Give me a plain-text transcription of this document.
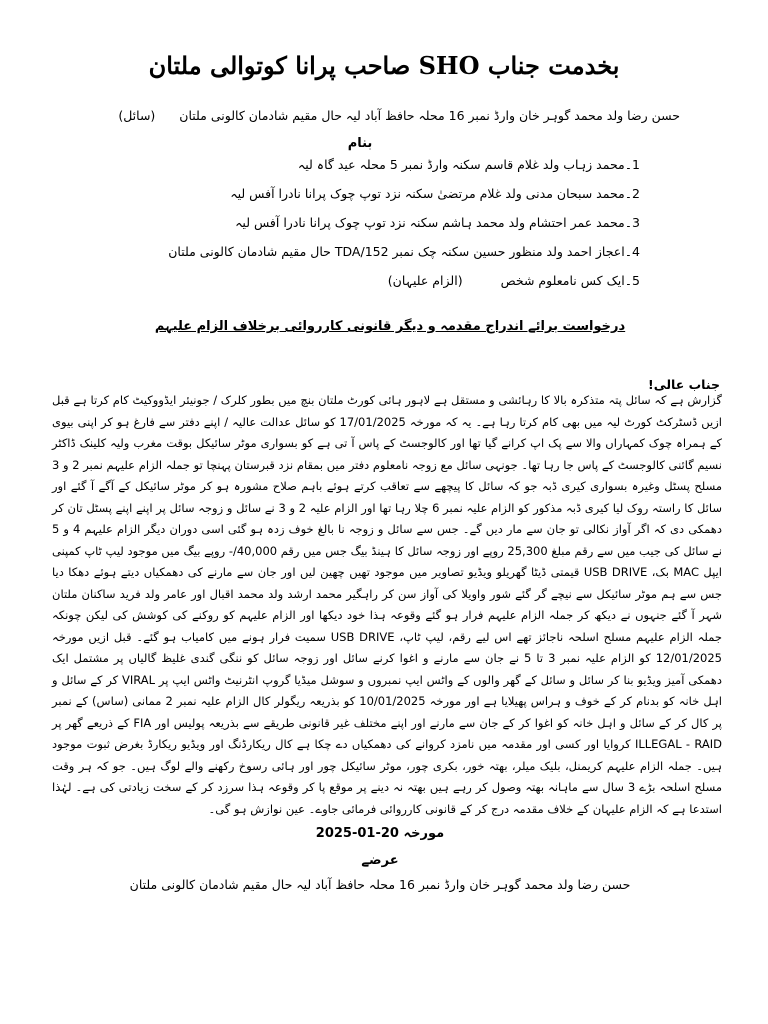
بخدمت جناب SHO صاحب پرانا کوتوالی ملتان
حسن رضا ولد محمد گوہر خان وارڈ نمبر 16 محلہ حافظ آباد لیہ حال مقیم شادمان کالونی ملتان (سائل)
بنام
1۔محمد زہاب ولد غلام قاسم سکنہ وارڈ نمبر 5 محلہ عید گاہ لیہ
2۔محمد سبحان مدنی ولد غلام مرتضیٰ سکنہ نزد توپ چوک پرانا نادرا آفس لیہ
3۔محمد عمر احتشام ولد محمد ہاشم سکنہ نزد توپ چوک پرانا نادرا آفس لیہ
4۔اعجاز احمد ولد منظور حسین سکنہ چک نمبر 152/TDA حال مقیم شادمان کالونی ملتان
5۔ایک کس نامعلوم شخص (الزام علیہان)
درخواست برائے اندراج مقدمہ و دیگر قانونی کارروائی برخلاف الزام علیہم
جناب عالی!
گزارش ہے کہ سائل پتہ متذکرہ بالا کا رہائشی و مستقل ہے لاہور ہائی کورٹ ملتان بنچ میں بطور کلرک / جونیئر ایڈووکیٹ کام کرتا ہے قبل ازیں ڈسٹرکٹ کورٹ لیہ میں بھی کام کرتا رہا ہے۔ یہ کہ مورخہ 17/01/2025 کو سائل عدالت عالیہ / اپنے دفتر سے فارغ ہو کر اپنی بیوی کے ہمراہ چوک کمہاراں والا سے پک اپ کرانے گیا تھا اور کالوجسٹ کے پاس آ تی ہے کو بسواری موٹر سائیکل بوقت مغرب ولیہ کلینک ڈاکٹر نسیم گائنی کالوجسٹ کے پاس جا رہا تھا۔ جونہی سائل مع زوجہ نامعلوم دفتر میں بمقام نزد قبرستان پہنچا تو جملہ الزام علیہم نمبر 2 و 3 مسلح پسٹل وغیرہ بسواری کیری ڈبہ جو کہ سائل کا پیچھے سے تعاقب کرتے ہوئے باہم صلاح مشورہ ہو کر موٹر سائیکل کے آگے آ گئے اور سائل کا راستہ روک لیا کیری ڈبہ مذکور کو الزام علیہ نمبر 6 چلا رہا تھا اور الزام علیہ 2 و 3 نے سائل و زوجہ سائل پر اپنے اپنے پسٹل تان کر دھمکی دی کہ اگر آواز نکالی تو جان سے مار دیں گے۔ جس سے سائل و زوجہ نا بالغ خوف زدہ ہو گئی اسی دوران دیگر الزام علیہم 4 و 5 نے سائل کی جیب میں سے رقم مبلغ 25,300 روپے اور زوجہ سائل کا ہینڈ بیگ جس میں رقم 40,000/- روپے بیگ میں موجود لیپ ٹاپ کمپنی ایپل MAC بک، USB DRIVE قیمتی ڈیٹا گھریلو ویڈیو تصاویر میں موجود تھیں چھین لیں اور جان سے مارنے کی دھمکیاں دیتے ہوئے دھکا دیا جس سے ہم موٹر سائیکل سے نیچے گر گئے شور واویلا کی آواز سن کر راہگیر محمد ارشد ولد محمد اقبال اور عامر ولد فرید ساکنان ملتان شہر آ گئے جنہوں نے دیکھ کر جملہ الزام علیہم فرار ہو گئے وقوعہ ہذا خود دیکھا اور الزام علیہم کو روکنے کی کوشش کی لیکن چونکہ جملہ الزام علیہم مسلح اسلحہ ناجائز تھے اس لیے رقم، لیپ ٹاپ، USB DRIVE سمیت فرار ہونے میں کامیاب ہو گئے۔ قبل ازیں مورخہ 12/01/2025 کو الزام علیہ نمبر 3 تا 5 نے جان سے مارنے و اغوا کرنے سائل اور زوجہ سائل کو ننگی گندی غلیظ گالیاں پر مشتمل ایک دھمکی آمیز ویڈیو بنا کر سائل و سائل کے گھر والوں کے واٹس ایپ نمبروں و سوشل میڈیا گروپ انٹرنیٹ واٹس ایپ پر VIRAL کر کے سائل و اہل خانہ کو بدنام کر کے خوف و ہراس پھیلایا ہے اور مورخہ 10/01/2025 کو بذریعہ ریگولر کال الزام علیہ نمبر 2 ممانی (ساس) کے نمبر پر کال کر کے سائل و اہل خانہ کو اغوا کر کے جان سے مارنے اور اپنے مختلف غیر قانونی طریقے سے بذریعہ پولیس اور FIA کے ذریعے گھر پر ILLEGAL - RAID کروایا اور کسی اور مقدمہ میں نامزد کروانے کی دھمکیاں دے چکا ہے کال ریکارڈنگ اور ویڈیو ریکارڈ بغرض ثبوت موجود ہیں۔ جملہ الزام علیہم کریمنل، بلیک میلر، بھتہ خور، بکری چور، موٹر سائیکل چور اور ہائی رسوخ رکھنے والے لوگ ہیں۔ جو کہ ہر وقت مسلح اسلحہ بڑے 3 سال سے ماہانہ بھتہ وصول کر رہے ہیں بھتہ نہ دینے پر موقع پا کر وقوعہ ہذا سرزد کر کے سخت زیادتی کی ہے۔ لہٰذا استدعا ہے کہ الزام علیہان کے خلاف مقدمہ درج کر کے قانونی کارروائی فرمائی جاوے۔ عین نوازش ہو گی۔
مورخہ 20-01-2025
عرضے
حسن رضا ولد محمد گوہر خان وارڈ نمبر 16 محلہ حافظ آباد لیہ حال مقیم شادمان کالونی ملتان
